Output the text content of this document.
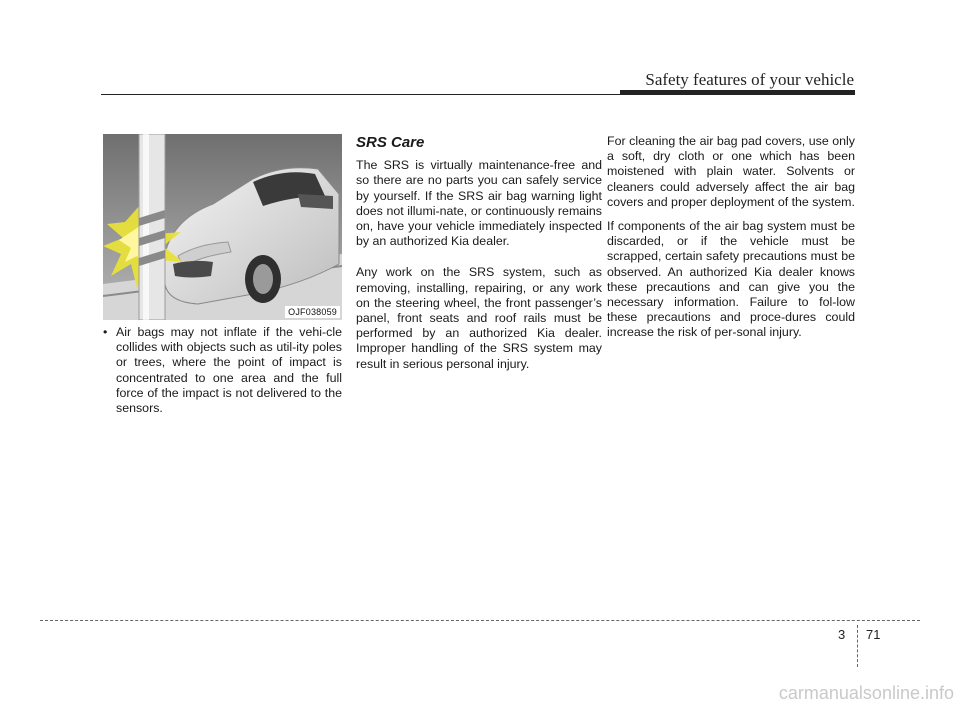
Safety features of your vehicle
OJF038059
• Air bags may not inflate if the vehi-cle collides with objects such as util-ity poles or trees, where the point of impact is concentrated to one area and the full force of the impact is not delivered to the sensors.
SRS Care

The SRS is virtually maintenance-free and so there are no parts you can safely service by yourself. If the SRS air bag warning light does not illumi-nate, or continuously remains on, have your vehicle immediately inspected by an authorized Kia dealer.

Any work on the SRS system, such as removing, installing, repairing, or any work on the steering wheel, the front passenger’s panel, front seats and roof rails must be performed by an authorized Kia dealer. Improper handling of the SRS system may result in serious personal injury.

For cleaning the air bag pad covers, use only a soft, dry cloth or one which has been moistened with plain water. Solvents or cleaners could adversely affect the air bag covers and proper deployment of the system.

If components of the air bag system must be discarded, or if the vehicle must be scrapped, certain safety precautions must be observed. An authorized Kia dealer knows these precautions and can give you the necessary information. Failure to fol-low these precautions and proce-dures could increase the risk of per-sonal injury.

3 71
carmanualsonline.info
